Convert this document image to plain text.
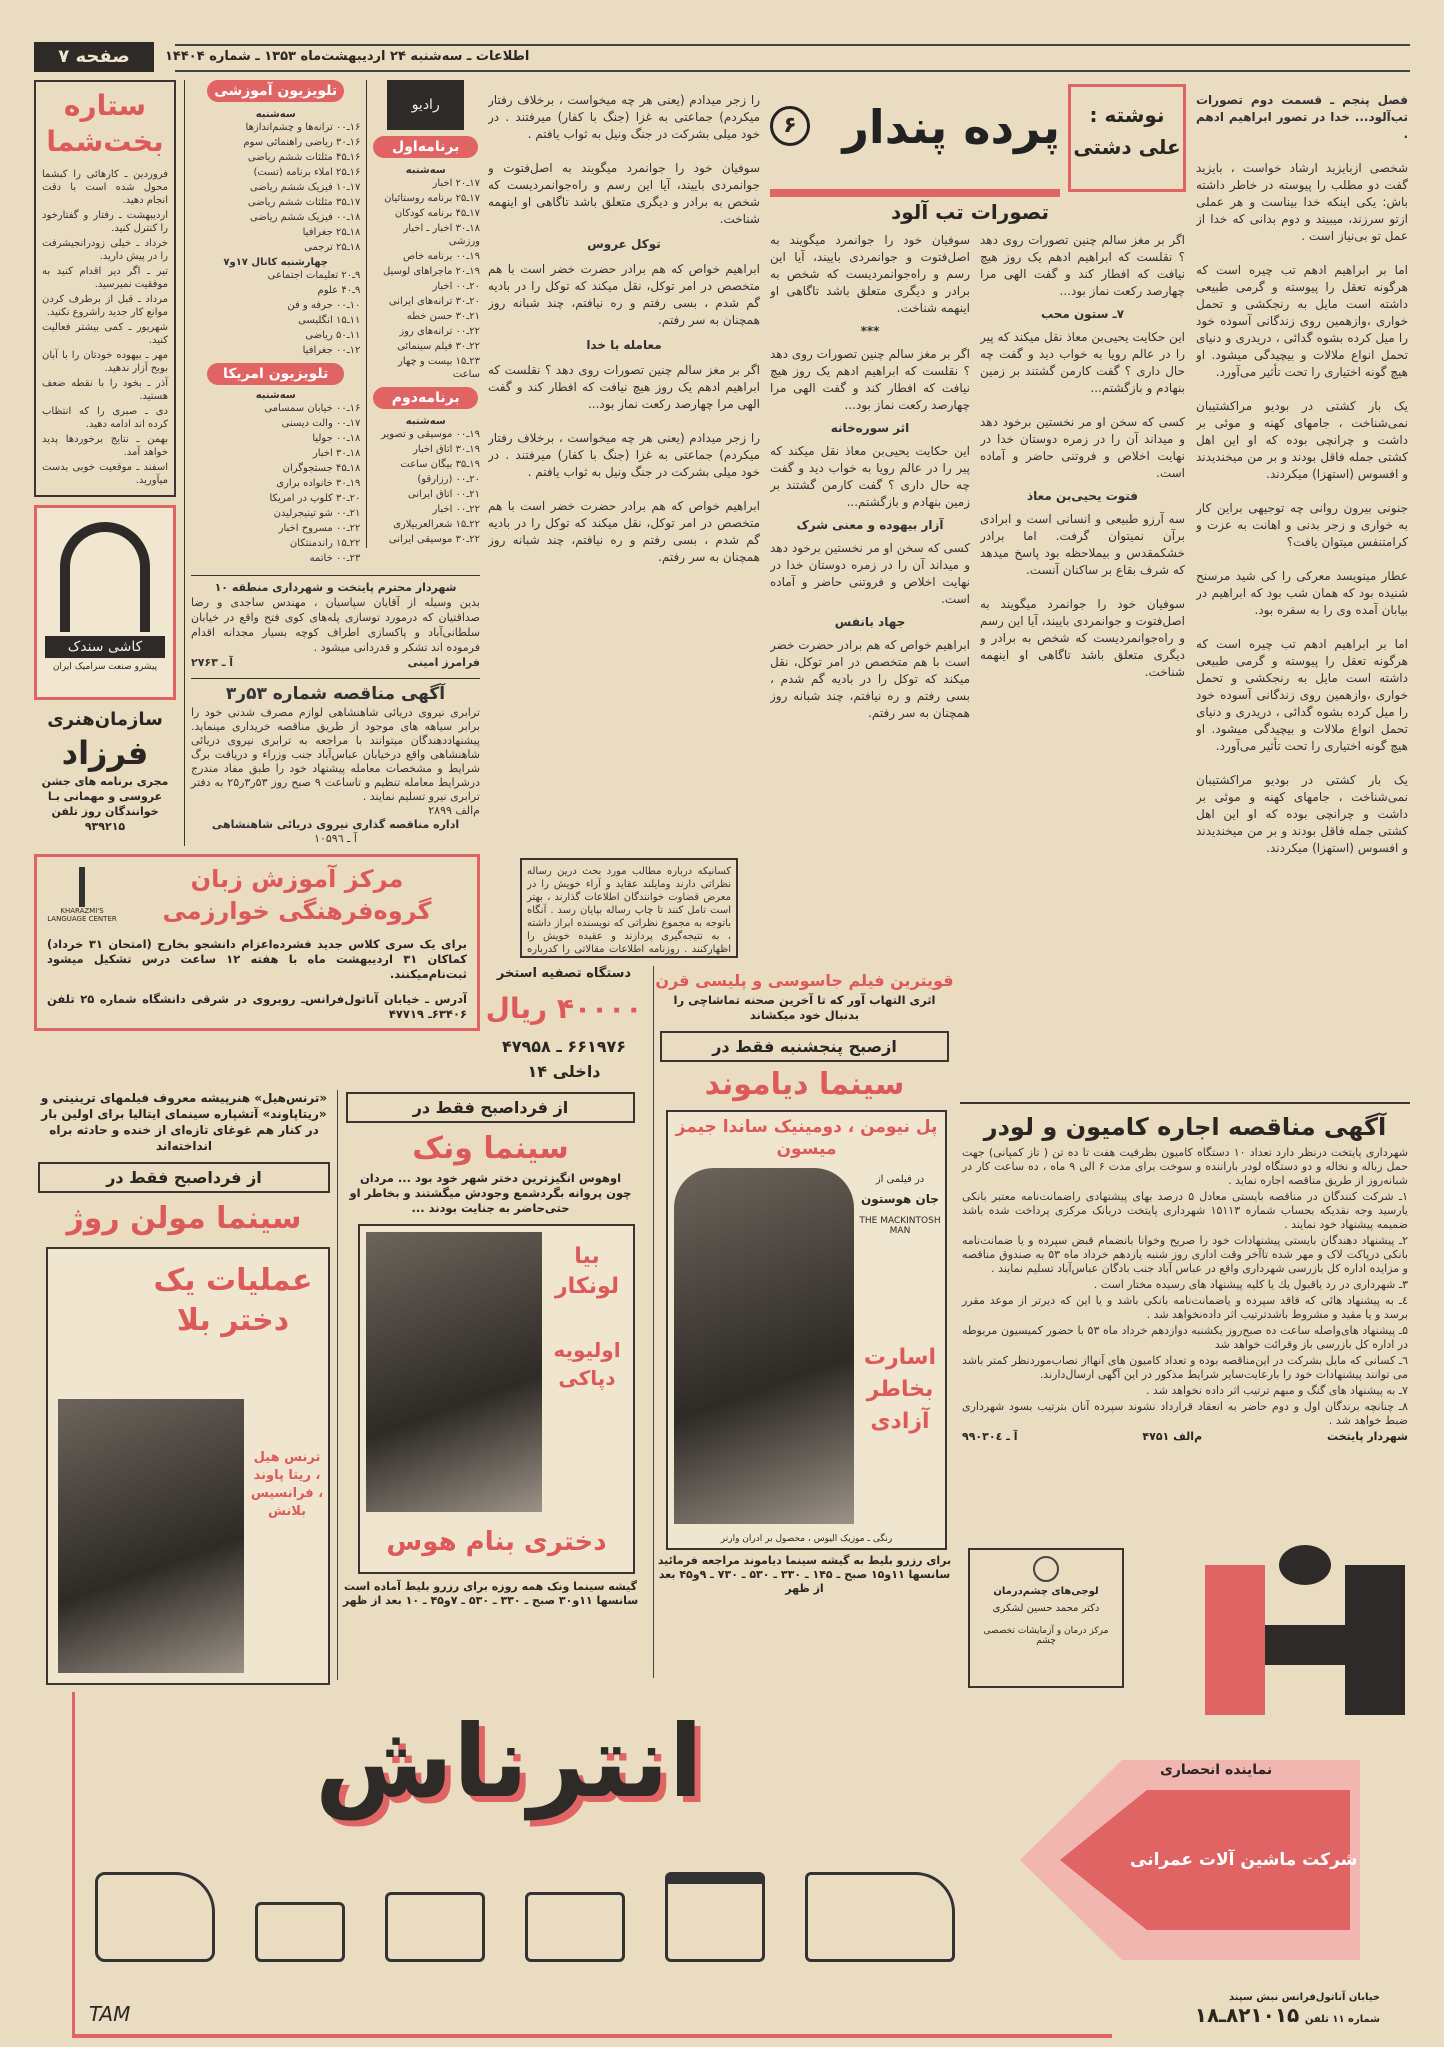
صفحه ۷	اطلاعات ـ سه‌شنبه ۲۴ اردیبهشت‌ماه ۱۳۵۳ ـ شماره ۱۴۴۰۴
ستاره
بخت‌شما
فروردین ـ کارهائی را کبشما محول شده است با دقت انجام دهید.
اردیبهشت ـ رفتار و گفتارخود را کنترل کنید.
خرداد ـ خیلی زودرانجیشرفت را در پیش دارید.
تیر ـ اگر دیر اقدام کنید به موفقیت نمیرسید.
مرداد ـ قبل از برطرف کردن موانع کار جدید راشروع نکنید.
شهریور ـ کمی بیشتر فعالیت کنید.
مهر ـ بیهوده خودتان را با آبان بوبح آزار ندهید.
آذر ـ بخود را با نقطه ضعف هستید.
دی ـ صبری را که انتظاب کرده اند ادامه دهید.
بهمن ـ نتایج برخوردها پدید خواهد آمد.
اسفند ـ موقعیت خوبی بدست میآورید.
کاشی سندک
پیشرو صنعت سرامیک ایران
سازمان‌هنری
فرزاد
مجری برنامه های جشن عروسی و مهمانی بـا خوانندگان روز تلفن ۹۳۹۲۱۵
تلویزیون آموزشی
سه‌شنبه
۱۶ـ۰۰ ترانه‌ها و چشم‌اندازها
۱۶ـ۳۰ ریاضی راهنمائی سوم
۱۶ـ۴۵ مثلثات ششم ریاضی
۱۶ـ۲۵ املاء برنامه (تست)
۱۷ـ۱۰ فیزیک ششم ریاضی
۱۷ـ۳۵ مثلثات ششم ریاضی
۱۸ـ۰۰ فیزیک ششم ریاضی
۱۸ـ۲۵ جغرافیا
۱۸ـ۲۵ ترجمی
چهارشنبه کانال ۱۷و۷
۹ـ۲۰ تعلیمات اجتماعی
۹ـ۴۰ علوم
۱۰ـ۰۰ حرفه و فن
۱۱ـ۱۵ انگلیسی
۱۱ـ۵۰ ریاضی
۱۲ـ۰۰ جغرافیا
تلویزیون امریکا
سه‌شنبه
۱۶ـ۰۰ خیابان سمسامی
۱۷ـ۰۰ والت دیسنی
۱۸ـ۰۰ جولیا
۱۸ـ۳۰ اخبار
۱۸ـ۴۵ جستجوگران
۱۹ـ۳۰ خانواده براری
۲۰ـ۳۰ کلوپ در امریکا
۲۱ـ۰۰ شو تینیجرلیدن
۲۲ـ۰۰ مسروح اخبار
۲۲ـ۱۵ راندمنتکان
۲۳ـ۰۰ خاتمه
رادیو
برنامه‌اول
سه‌شنبه
۱۷ـ۲۰ اخبار
۱۷ـ۲۵ برنامه روستائیان
۱۷ـ۴۵ برنامه کودکان
۱۸ـ۳۰ اخبار ـ اخبار ورزشی
۱۹ـ۰۰ برنامه خاص
۱۹ـ۲۰ ماجراهای لوسیل
۲۰ـ۰۰ اخبار
۲۰ـ۳۰ ترانه‌های ایرانی
۲۱ـ۳۰ حسن خطه
۲۲ـ۰۰ ترانه‌های روز
۲۲ـ۳۰ فیلم سینمائی
۲۳ـ۱۵ بیست و چهار ساعت
برنامه‌دوم
سه‌شنبه
۱۹ـ۰۰ موسیقی و تصویر
۱۹ـ۳۰ اتاق اخبار
۱۹ـ۳۵ بیگان ساعت
۲۰ـ۰۰ (رزارقو)
۲۱ـ۰۰ اتاق ایرانی
۲۲ـ۰۰ اخبار
۲۲ـ۱۵ شعرالعربیلاری
۲۲ـ۳۰ موسیقی ایرانی
شهردار محترم پایتخت و شهرداری منطقه ۱۰

بدین وسیله از آقایان سپاسیان ، مهندس ساجدی و رضا صداقتیان که درمورد توسازی پله‌های کوی فتح واقع در خیابان سلطانی‌آباد و پاکسازی اطراف کوچه بسیار مجدانه اقدام فرموده اند تشکر و قدردانی میشود .

فرامرز امینی
آ ـ ۲۷۶۳
آگهی مناقصه شماره ۵۳ر۳

ترابری نیروی دریائی شاهنشاهی لوازم مصرف شدنی خود را برابر سیاهه های موجود از طریق مناقصه خریداری مینماید. پیشنهاددهندگان میتوانند با مراجعه به ترابری نیروی دریائی شاهنشاهی واقع درخیابان عباس‌آباد جنب وزراء و دریافت برگ شرایط و مشخصات معامله پیشنهاد خود را طبق مفاد مندرج درشرایط معامله تنظیم و تاساعت ۹ صبح روز ۵۳ر۳ر۲۵ به دفتر ترابری نیرو تسلیم نمایند .

م‌الف ۲۸۹۹
اداره مناقصه گذاری نیروی دریائی شاهنشاهی
آ ـ ۱۰۵۹٦
KHARAZMI'S LANGUAGE CENTER
مرکز آموزش زبان
گروه‌فرهنگی خوارزمی
برای یک سری کلاس جدید فشرده‌اعزام دانشجو بخارج (امتحان ۳۱ خرداد) کماکان ۳۱ اردیبهشت ماه با هفته ۱۲ ساعت درس تشکیل میشود ثبت‌نام‌میکنند.
آدرس ـ خیابان آناتول‌فرانس‌ـ روبروی در شرقی دانشگاه شماره ۲۵ تلفن ۶۳۴۰۶ـ ۴۷۷۱۹

را زجر میدادم (یعنی هر چه میخواست ، برخلاف رفتار میکردم) جماعتی به غزا (جنگ با کفار) میرفتند . در خود میلی بشرکت در جنگ ونیل به ثواب یافتم .

سوفیان خود را جوانمرد میگویند به اصل‌فتوت و جوانمردی باییند، آیا این رسم و راه‌جوانمردیست که شخص به برادر و دیگری متعلق باشد تاگاهی او اینهمه شناخت.

توکل عروس

ابراهیم خواص که هم برادر حضرت خضر است با هم متخصص در امر توکل، نقل میکند که توکل را در بادیه گم شدم ، بسی رفتم و ره نیافتم، چند شبانه روز همچنان به سر رفتم.

معامله با خدا

اگر بر مغز سالم چنین تصورات روی دهد ؟ نقلست که ابراهیم ادهم یک روز هیچ نیافت که افطار کند و گفت الهی مرا چهارصد رکعت نماز بود...

را زجر میدادم (یعنی هر چه میخواست ، برخلاف رفتار میکردم) جماعتی به غزا (جنگ با کفار) میرفتند . در خود میلی بشرکت در جنگ ونیل به ثواب یافتم .

ابراهیم خواص که هم برادر حضرت خضر است با هم متخصص در امر توکل، نقل میکند که توکل را در بادیه گم شدم ، بسی رفتم و ره نیافتم، چند شبانه روز همچنان به سر رفتم.

کسانیکه درباره مطالب مورد بحث درین رساله نظراتی دارند ومایلند عقاید و آراء خویش را در معرض قضاوت خوانندگان اطلاعات گذارند ، بهتر است تامل کنند تا چاپ رساله بپایان رسد . آنگاه باتوجه به مجموع نظراتی که نویسنده ابراز داشته ، به نتیجه‌گیری پردازند و عقیده خویش را اظهارکنند . روزنامه اطلاعات مقالاتی را کدرباره
پرده پندار
۶	نوشته :
علی دشتی
تصورات تب آلود

سوفیان خود را جوانمرد میگویند به اصل‌فتوت و جوانمردی باییند، آیا این رسم و راه‌جوانمردیست که شخص به برادر و دیگری متعلق باشد تاگاهی او اینهمه شناخت.

***

اگر بر مغز سالم چنین تصورات روی دهد ؟ نقلست که ابراهیم ادهم یک روز هیچ نیافت که افطار کند و گفت الهی مرا چهارصد رکعت نماز بود...

اثر سوره‌خانه

این حکایت یحیی‌بن معاذ نقل میکند که پیر را در عالم رویا به خواب دید و گفت چه حال داری ؟ گفت کارمن گشتند بر زمین بنهادم و بازگشتم...

آزار بیهوده و معنی شرک

کسی که سخن او مر نخستین برخود دهد و میداند آن را در زمره دوستان خدا در نهایت اخلاص و فروتنی حاضر و آماده است.

جهاد بانفس

ابراهیم خواص که هم برادر حضرت خضر است با هم متخصص در امر توکل، نقل میکند که توکل را در بادیه گم شدم ، بسی رفتم و ره نیافتم، چند شبانه روز همچنان به سر رفتم.

اگر بر مغز سالم چنین تصورات روی دهد ؟ نقلست که ابراهیم ادهم یک روز هیچ نیافت که افطار کند و گفت الهی مرا چهارصد رکعت نماز بود...

۷ـ ستون محب

این حکایت یحیی‌بن معاذ نقل میکند که پیر را در عالم رویا به خواب دید و گفت چه حال داری ؟ گفت کارمن گشتند بر زمین بنهادم و بازگشتم...

کسی که سخن او مر نخستین برخود دهد و میداند آن را در زمره دوستان خدا در نهایت اخلاص و فروتنی حاضر و آماده است.

فتوت یحیی‌بن معاذ

سه آرزو طبیعی و انسانی است و ابرادی برآن نمیتوان گرفت. اما برادر خشکمقدس و بیملاحظه بود پاسخ میدهد که شرف بقاع بر ساکنان آنست.

سوفیان خود را جوانمرد میگویند به اصل‌فتوت و جوانمردی باییند، آیا این رسم و راه‌جوانمردیست که شخص به برادر و دیگری متعلق باشد تاگاهی او اینهمه شناخت.

فصل پنجم ـ قسمت دوم تصورات تب‌آلود... خدا در تصور ابراهیم ادهم .

شخصی ازبایزید ارشاد خواست ، بایزید گفت دو مطلب را پیوسته در خاطر داشته باش: یکی اینکه خدا بیناست و هر عملی ازتو سرزند، میبیند و دوم بدانی که خدا از عمل تو بی‌نیاز است .

اما بر ابراهیم ادهم تب چیره است که هرگونه تعقل را پیوسته و گرمی طبیعی داشته است مایل به رنجکشی و تحمل خواری ،وازهمین روی زندگانی آسوده خود را میل کرده بشوه گدائی ، دریدری و دنیای تحمل انواع ملالات و بیچیدگی میشود. او هیچ گونه اختیاری را تحت تأثیر می‌آورد.

یک بار کشتی در بودیو مراکشتیبان نمی‌شناخت ، جامهای کهنه و موئی بر داشت و چرانچی بوده که او این اهل کشتی جمله فاقل بودند و بر من میخندیدند و افسوس (استهزا) میکردند.

جنونی بیرون روانی چه توجیهی براین کار به خواری و زجر بدنی و اهانت به عزت و کرامتنفس میتوان یافت؟

عطار مینویسد معرکی را کی شید مرسنح شنیده بود که همان شب بود که ابراهیم در بیابان آمده وی را به سفره بود.

اما بر ابراهیم ادهم تب چیره است که هرگونه تعقل را پیوسته و گرمی طبیعی داشته است مایل به رنجکشی و تحمل خواری ،وازهمین روی زندگانی آسوده خود را میل کرده بشوه گدائی ، دریدری و دنیای تحمل انواع ملالات و بیچیدگی میشود. او هیچ گونه اختیاری را تحت تأثیر می‌آورد.

یک بار کشتی در بودیو مراکشتیبان نمی‌شناخت ، جامهای کهنه و موئی بر داشت و چرانچی بوده که او این اهل کشتی جمله فاقل بودند و بر من میخندیدند و افسوس (استهزا) میکردند.

دستگاه تصفیه استخر
۴۰۰۰۰ ریال
۶۶۱۹۷۶ ـ ۴۷۹۵۸
داخلی ۱۴
قویترین فیلم جاسوسی و پلیسی قرن
اثری التهاب آور که تا آخرین صحنه تماشاچی را بدنبال خود میکشاند
ازصبح پنجشنبه فقط در
سینما دیاموند
پل نیومن ، دومینیک ساندا جیمز میسون
در فیلمی از
جان هوستون
THE MACKINTOSH MAN
اسارت بخاطر آزادی
رنگی ـ موزیک الیوس ، محصول بر ادران وارنر
برای رزرو بلیط به گیشه سینما دیاموند مراجعه فرمائید
سانسها ۱۱و۱۵ صبح ـ ۱۴۵ ـ ۳۳۰ ـ ۵۳۰ ـ ۷۳۰ ـ ۹و۴۵ بعد از ظهر
آگهی مناقصه اجاره کامیون و لودر
شهرداری پایتخت درنظر دارد تعداد ۱۰ دستگاه کامیون بظرفیت هفت تا ده تن ( تاز کمپانی) جهت حمل زباله و نخاله و دو دستگاه لودر باراننده و سوخت برای مدت ۶ الی ۹ ماه ، ده ساعت کار در شبانه‌روز از طریق مناقصه اجاره نماید .
۱ـ شرکت کنندگان در مناقصه بایستی معادل ۵ درصد بهای پیشنهادی راضمانت‌نامه معتبر بانکی یارسید وجه نقدیکه بحساب شماره ۱۵۱۱۳ شهرداری پایتخت دربانک مرکزی پرداخت شده باشد ضمیمه پیشنهاد خود نمایند .
۲ـ پیشنهاد دهندگان بایستی پیشنهادات خود را صریح وخوانا بانضمام قبض سپرده و یا ضمانت‌نامه بانکی درپاکت لاک و مهر شده تاآخر وقت اداری روز شنبه یازدهم خرداد ماه ۵۳ به صندوق مناقصه و مزایده اداره کل بازرسی شهرداری واقع در عباس آباد جنب بادگان عباس‌آباد تسلیم نمایند .
۳ـ شهرداری در رد یاقبول یك یا کلیه پیشنهاد های رسیده مختار است .
٤ـ به پیشنهاد هائی که فاقد سپرده و یاضمانت‌نامه بانکی باشد و یا این که دیرتر از موعد مقرر برسد و یا مقید و مشروط باشدترتیب اثر داده‌نخواهد شد .
۵ـ پیشنهاد های‌واصله ساعت ده صبح‌روز یکشنبه دوازدهم خرداد ماه ۵۳ با حضور کمیسیون مربوطه در اداره کل بازرسی باز وقرائت خواهد شد
٦ـ کسانی که مایل بشرکت در این‌مناقصه بوده و تعداد کامیون های آنهااز نصاب‌موردنظر کمتر باشد می توانند پیشنهادات خود را بارعایت‌سایر شرایط مذکور در این آگهی ارسال‌دارند.
۷ـ به پیشنهاد های گنگ و مبهم ترتیب اثر داده نخواهد شد .
۸ـ چنانچه برندگان اول و دوم حاضر به انعقاد قرارداد نشوند سپرده آنان بترتیب بسود شهرداری ضبط خواهد شد .
شهردار پایتخت
م‌الف ۴۷۵۱
آ ـ ۹۹۰۳۰٤
لوجی‌های چشم‌درمان
دکتر محمد حسین لشکری
مرکز درمان و آزمایشات تخصصی چشم
از فرداصبح فقط در
سینما ونک
اوهوس انگیزترین دختر شهر خود بود ... مردان چون پروانه بگردشمع وجودش میگشتند و بخاطر او حتی‌حاضر به جنایت بودند ...
بیا لونکار
اولیویه دپاکی
دختری بنام هوس
گیشه سینما ونک همه روزه برای رزرو بلیط آماده است
سانسها ۱۱و۳۰ صبح ـ ۳۳۰ ـ ۵۳۰ ـ ۷و۴۵ ـ ۱۰ بعد از ظهر
«ترنس‌هیل» هنرپیشه معروف فیلمهای ترینیتی و «ریتاپاوند» آتشپاره سینمای ایتالیا برای اولین بار در کنار هم غوغای تازه‌ای از خنده و حادثه براه انداخته‌اند
از فرداصبح فقط در
سینما مولن روژ
عملیات یک دختر بلا
ترنس هیل ، ریتا پاوند ، فرانسیس بلانش
انترناش
TAM
نماینده انحصاری
شرکت ماشین آلات عمرانی
خیابان آناتول‌فرانس نبش سپند
شماره ۱۱ تلفن ۸۲۱۰۱۵ـ۱۸
